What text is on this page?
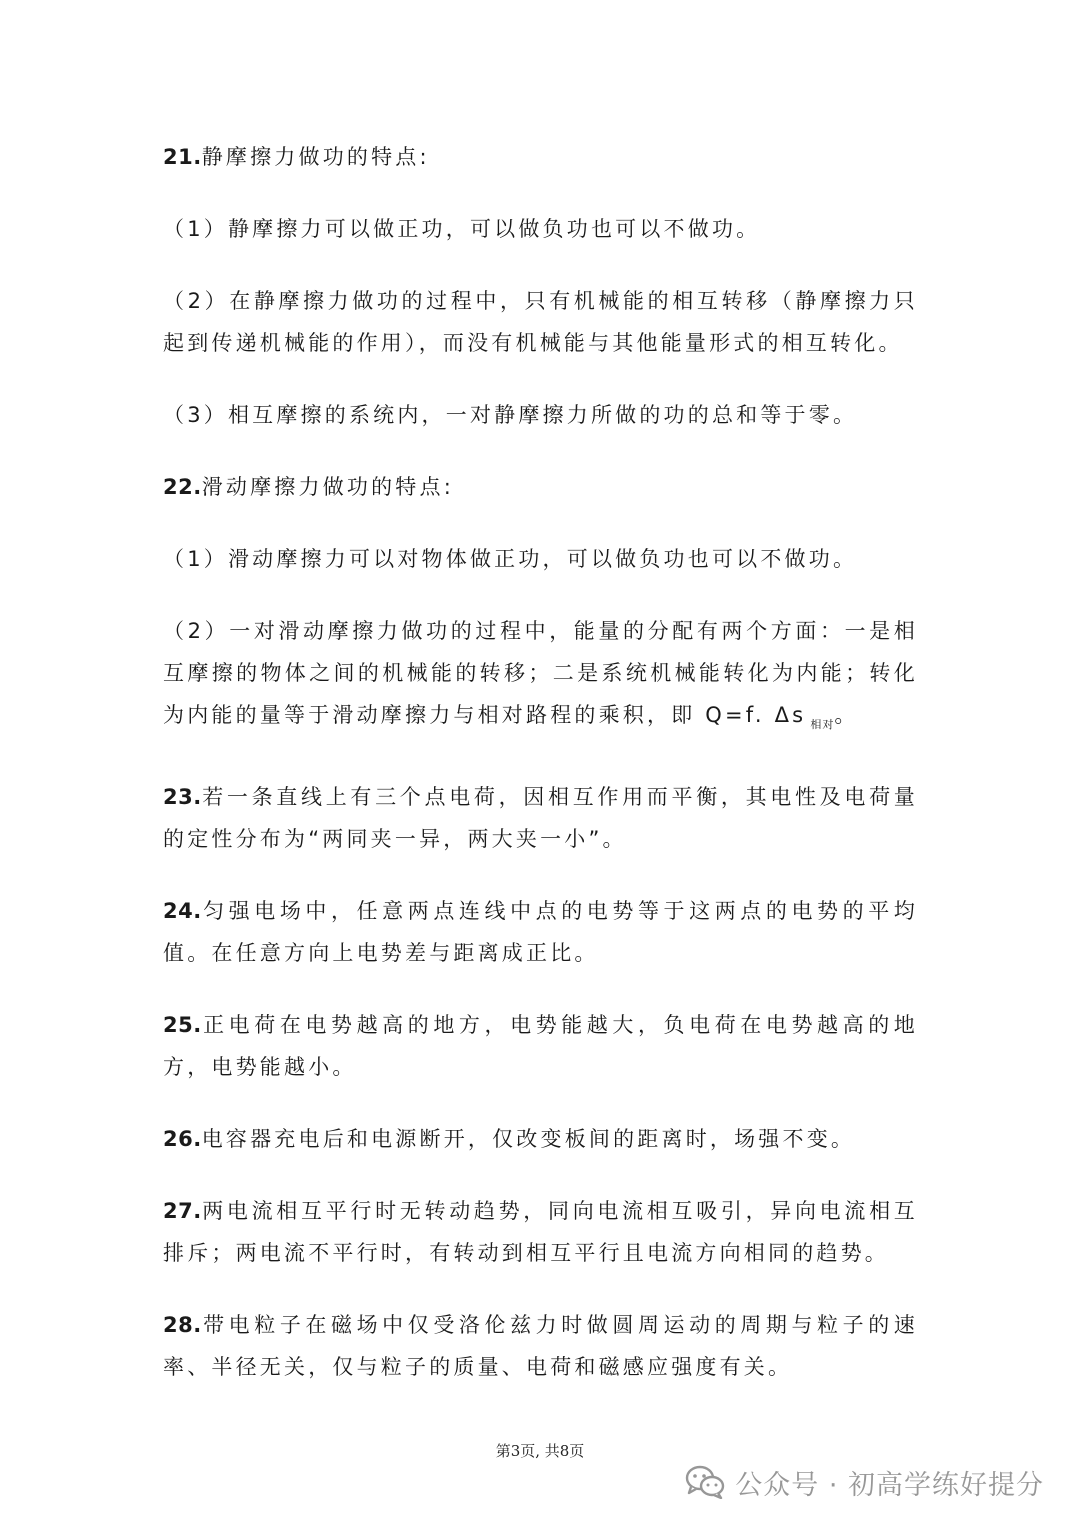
21.静摩擦力做功的特点:

（1）静摩擦力可以做正功，可以做负功也可以不做功。

（2）在静摩擦力做功的过程中，只有机械能的相互转移（静摩擦力只起到传递机械能的作用），而没有机械能与其他能量形式的相互转化。

（3）相互摩擦的系统内，一对静摩擦力所做的功的总和等于零。

22.滑动摩擦力做功的特点:

（1）滑动摩擦力可以对物体做正功，可以做负功也可以不做功。

（2）一对滑动摩擦力做功的过程中，能量的分配有两个方面：一是相互摩擦的物体之间的机械能的转移；二是系统机械能转化为内能；转化为内能的量等于滑动摩擦力与相对路程的乘积，即 Q=f. Δs $_{相对}$。

23.若一条直线上有三个点电荷，因相互作用而平衡，其电性及电荷量的定性分布为“两同夹一异，两大夹一小”。

24.匀强电场中，任意两点连线中点的电势等于这两点的电势的平均值。在任意方向上电势差与距离成正比。

25.正电荷在电势越高的地方，电势能越大，负电荷在电势越高的地方，电势能越小。

26.电容器充电后和电源断开，仅改变板间的距离时，场强不变。

27.两电流相互平行时无转动趋势，同向电流相互吸引，异向电流相互排斥；两电流不平行时，有转动到相互平行且电流方向相同的趋势。

28.带电粒子在磁场中仅受洛伦兹力时做圆周运动的周期与粒子的速率、半径无关，仅与粒子的质量、电荷和磁感应强度有关。

第3页, 共8页
公众号 · 初高学练好提分
